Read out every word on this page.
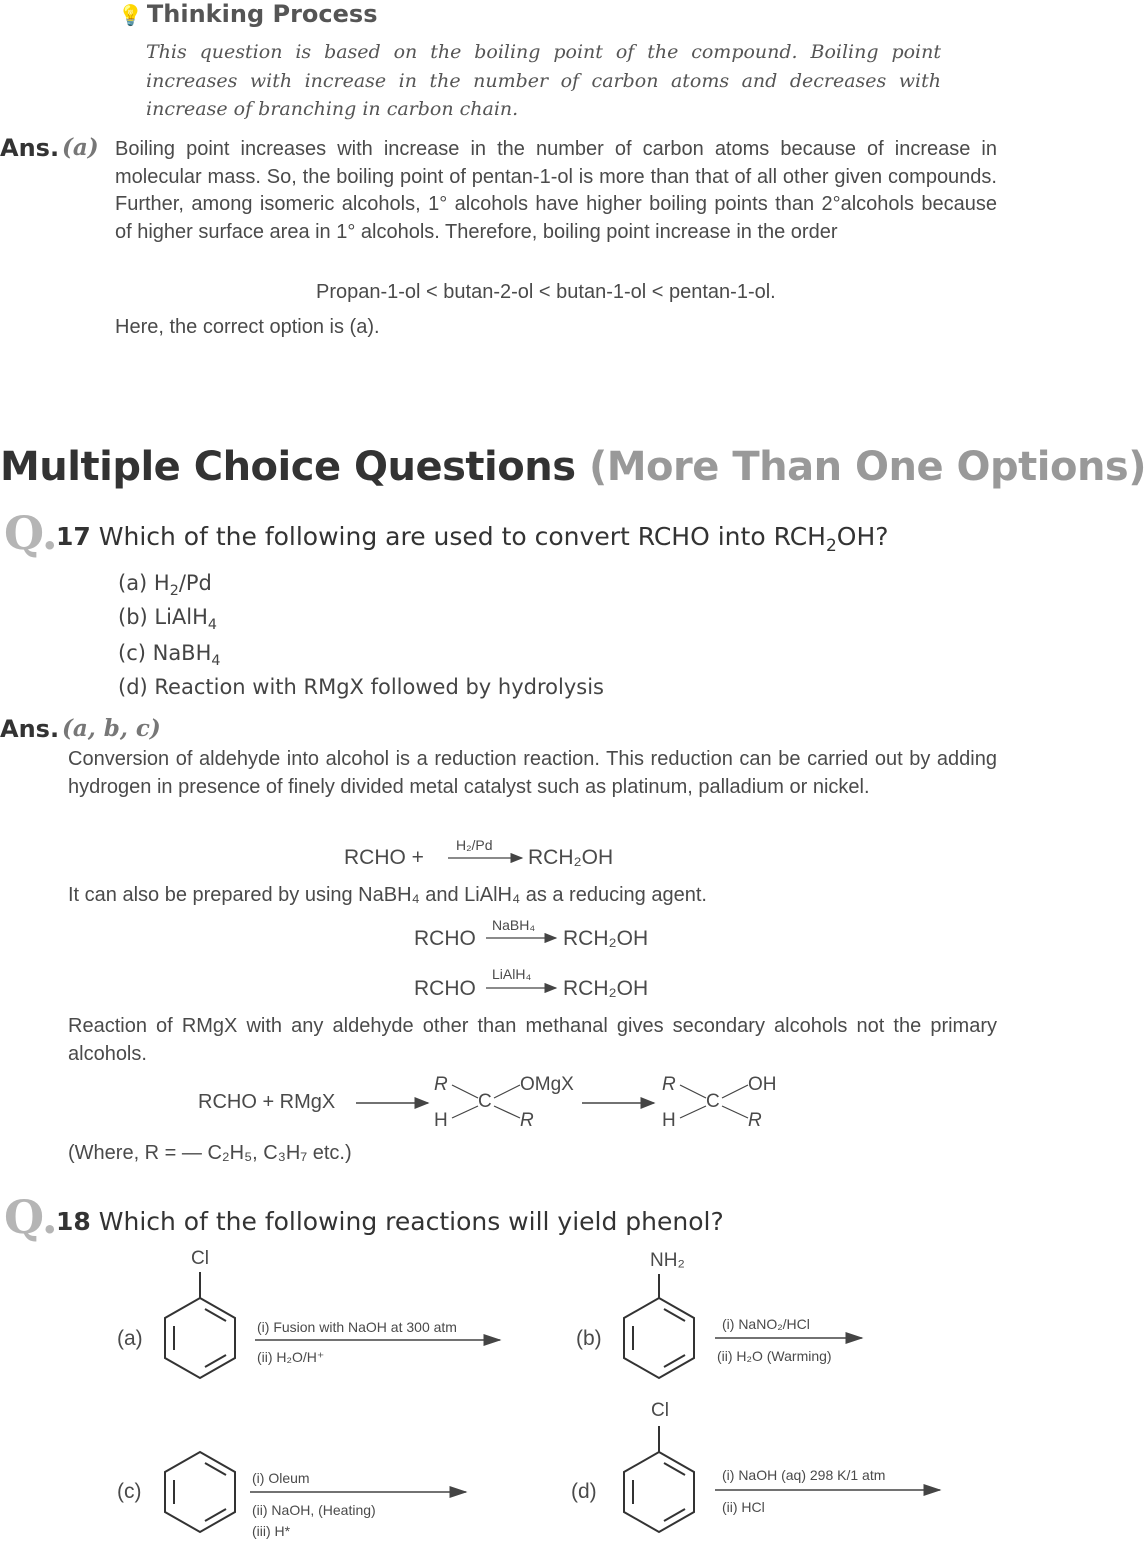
💡 Thinking Process
This question is based on the boiling point of the compound. Boiling point increases with increase in the number of carbon atoms and decreases with increase of branching in carbon chain.
Ans. (a) Boiling point increases with increase in the number of carbon atoms because of increase in molecular mass. So, the boiling point of pentan-1-ol is more than that of all other given compounds. Further, among isomeric alcohols, 1° alcohols have higher boiling points than 2°alcohols because of higher surface area in 1° alcohols. Therefore, boiling point increase in the order
Propan-1-ol < butan-2-ol < butan-1-ol < pentan-1-ol.
Here, the correct option is (a).
Multiple Choice Questions (More Than One Options)
Q.
17 Which of the following are used to convert RCHO into $RCH_2OH$?
(a) $H_2/Pd$
(b) LiAlH$_4$
(c) NaBH$_4$
(d) Reaction with RMgX followed by hydrolysis
Ans. (a, b, c)
Conversion of aldehyde into alcohol is a reduction reaction. This reduction can be carried out by adding hydrogen in presence of finely divided metal catalyst such as platinum, palladium or nickel.
RCHO +
H₂/Pd
RCH₂OH
It can also be prepared by using NaBH₄ and LiAlH₄ as a reducing agent.
RCHO
NaBH₄
RCH₂OH
RCHO
LiAlH₄
RCH₂OH
Reaction of RMgX with any aldehyde other than methanal gives secondary alcohols not the primary alcohols.
RCHO + RMgX
R
H
C
OMgX
R
R
H
C
OH
R
(Where, R = — C₂H₅, C₃H₇ etc.)
Q.
18 Which of the following reactions will yield phenol?
(a)
Cl
(i) Fusion with NaOH at 300 atm
(ii) H₂O/H⁺
(b)
NH₂
(i) NaNO₂/HCl
(ii) H₂O (Warming)
(c)
(i) Oleum
(ii) NaOH, (Heating)
(iii) H*
(d)
Cl
(i) NaOH (aq) 298 K/1 atm
(ii) HCl
